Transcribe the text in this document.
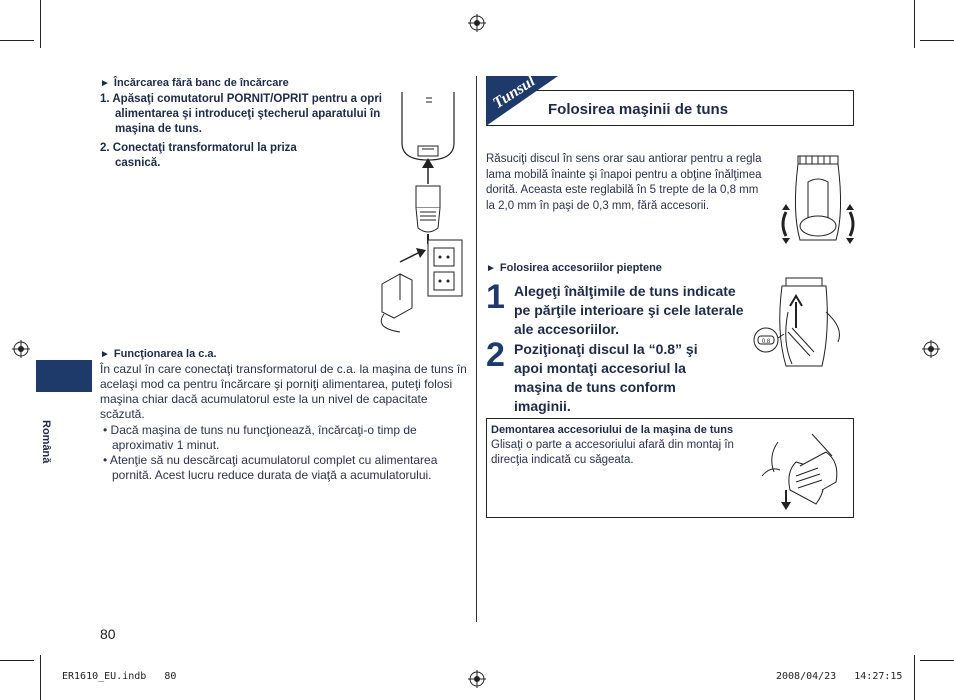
► Încărcarea fără banc de încărcare
1. Apăsaţi comutatorul PORNIT/OPRIT pentru a opri alimentarea şi introduceţi ştecherul aparatului în maşina de tuns.
2. Conectaţi transformatorul la priza casnică.
► Funcţionarea la c.a.
În cazul în care conectaţi transformatorul de c.a. la maşina de tuns în acelaşi mod ca pentru încărcare şi porniţi alimentarea, puteţi folosi maşina chiar dacă acumulatorul este la un nivel de capacitate scăzută.
• Dacă maşina de tuns nu funcţionează, încărcaţi-o timp de aproximativ 1 minut.
• Atenţie să nu descărcaţi acumulatorul complet cu alimentarea pornită. Acest lucru reduce durata de viaţă a acumulatorului.
Română
80
Tunsul Folosirea maşinii de tuns
Răsuciţi discul în sens orar sau antiorar pentru a regla lama mobilă înainte şi înapoi pentru a obţine înălţimea dorită. Aceasta este reglabilă în 5 trepte de la 0,8 mm la 2,0 mm în paşi de 0,3 mm, fără accesorii.
► Folosirea accesoriilor pieptene
1 Alegeţi înălţimile de tuns indicate pe părţile interioare şi cele laterale ale accesoriilor.
2 Poziţionaţi discul la “0.8” şi apoi montaţi accesoriul la maşina de tuns conform imaginii.
0.8
Demontarea accesoriului de la maşina de tuns
Glisaţi o parte a accesoriului afară din montaj în direcţia indicată cu săgeata.
ER1610_EU.indb   80	2008/04/23   14:27:15
